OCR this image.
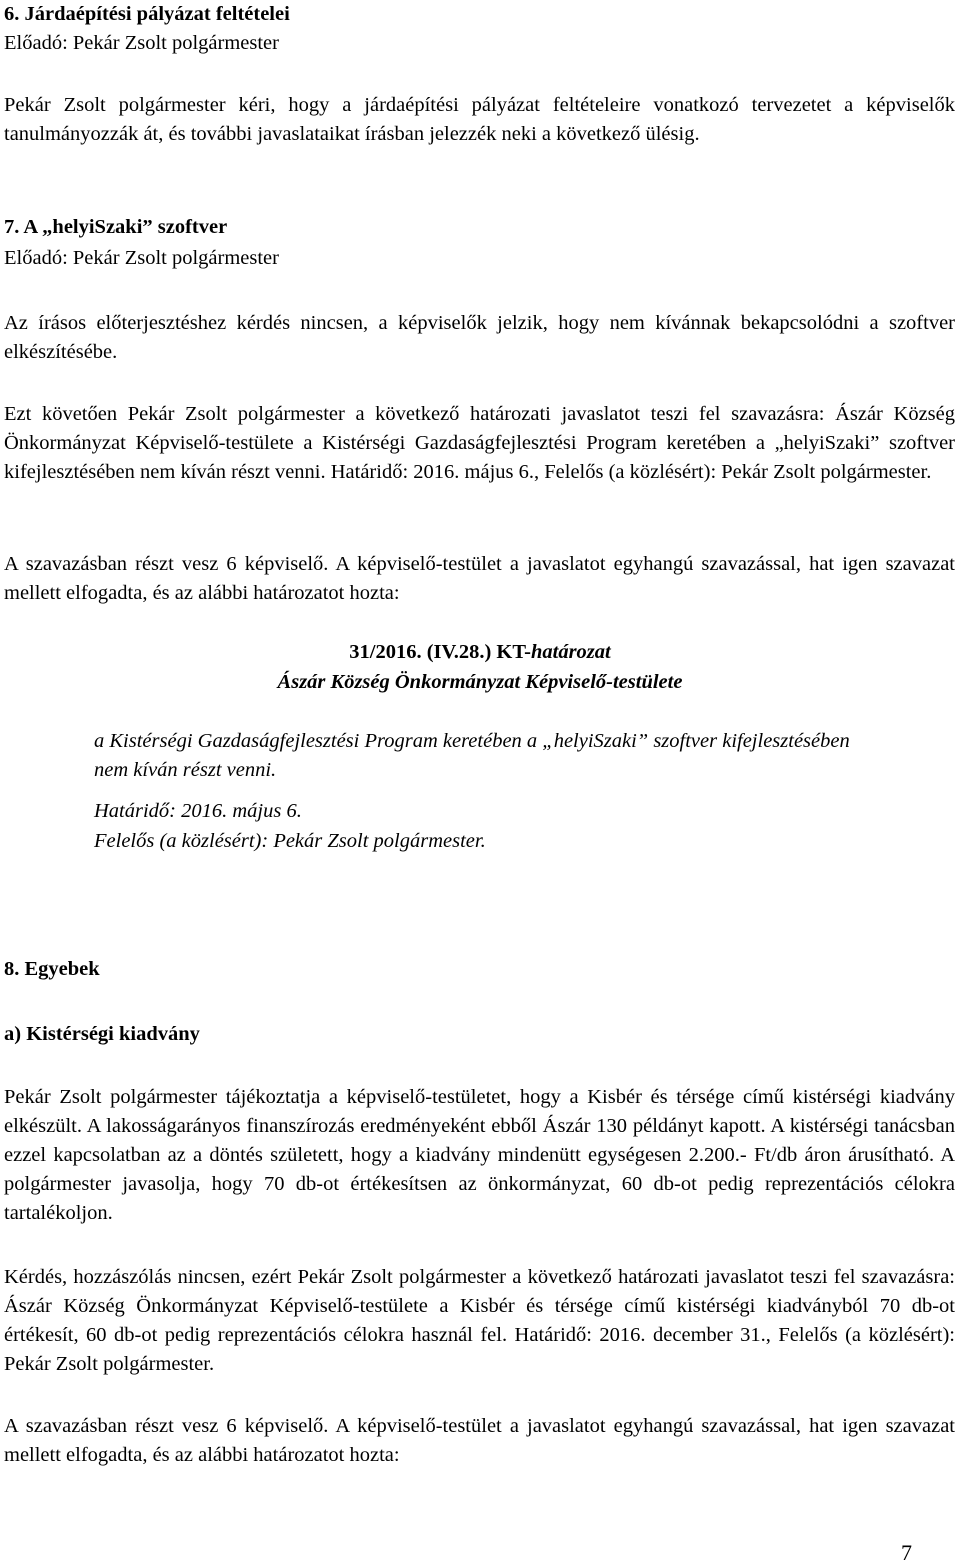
6. Járdaépítési pályázat feltételei

Előadó: Pekár Zsolt polgármester

Pekár Zsolt polgármester kéri, hogy a járdaépítési pályázat feltételeire vonatkozó tervezetet a képviselők tanulmányozzák át, és további javaslataikat írásban jelezzék neki a következő ülésig.

7. A „helyiSzaki” szoftver

Előadó: Pekár Zsolt polgármester

Az írásos előterjesztéshez kérdés nincsen, a képviselők jelzik, hogy nem kívánnak bekapcsolódni a szoftver elkészítésébe.

Ezt követően Pekár Zsolt polgármester a következő határozati javaslatot teszi fel szavazásra: Ászár Község Önkormányzat Képviselő-testülete a Kistérségi Gazdaságfejlesztési Program keretében a „helyiSzaki” szoftver kifejlesztésében nem kíván részt venni. Határidő: 2016. május 6., Felelős (a közlésért): Pekár Zsolt polgármester.

A szavazásban részt vesz 6 képviselő. A képviselő-testület a javaslatot egyhangú szavazással, hat igen szavazat mellett elfogadta, és az alábbi határozatot hozta:

31/2016. (IV.28.) KT-határozat

Ászár Község Önkormányzat Képviselő-testülete

a Kistérségi Gazdaságfejlesztési Program keretében a „helyiSzaki” szoftver kifejlesztésében nem kíván részt venni.

Határidő: 2016. május 6.

Felelős (a közlésért): Pekár Zsolt polgármester.

8. Egyebek

a) Kistérségi kiadvány

Pekár Zsolt polgármester tájékoztatja a képviselő-testületet, hogy a Kisbér és térsége című kistérségi kiadvány elkészült. A lakosságarányos finanszírozás eredményeként ebből Ászár 130 példányt kapott. A kistérségi tanácsban ezzel kapcsolatban az a döntés született, hogy a kiadvány mindenütt egységesen 2.200.- Ft/db áron árusítható. A polgármester javasolja, hogy 70 db-ot értékesítsen az önkormányzat, 60 db-ot pedig reprezentációs célokra tartalékoljon.

Kérdés, hozzászólás nincsen, ezért Pekár Zsolt polgármester a következő határozati javaslatot teszi fel szavazásra: Ászár Község Önkormányzat Képviselő-testülete a Kisbér és térsége című kistérségi kiadványból 70 db-ot értékesít, 60 db-ot pedig reprezentációs célokra használ fel. Határidő: 2016. december 31., Felelős (a közlésért): Pekár Zsolt polgármester.

A szavazásban részt vesz 6 képviselő. A képviselő-testület a javaslatot egyhangú szavazással, hat igen szavazat mellett elfogadta, és az alábbi határozatot hozta:

7
